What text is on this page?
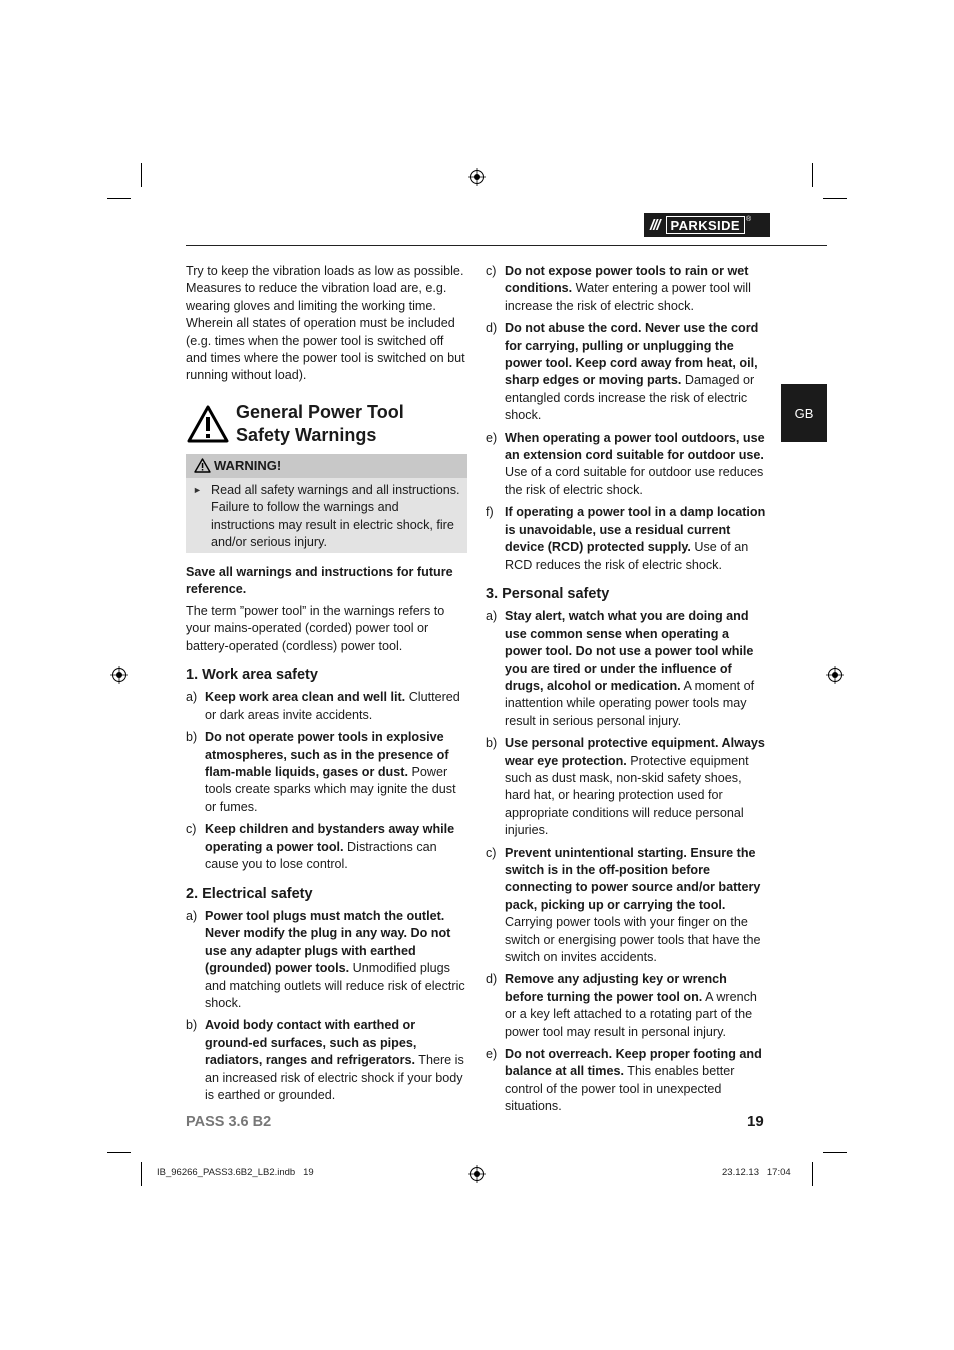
/// PARKSIDE ®
GB

Try to keep the vibration loads as low as possible. Measures to reduce the vibration load are, e.g. wearing gloves and limiting the working time. Wherein all states of operation must be included (e.g. times when the power tool is switched off and times where the power tool is switched on but running without load).

General Power Tool Safety Warnings
WARNING!
► Read all safety warnings and all instructions. Failure to follow the warnings and instructions may result in electric shock, fire and/or serious injury.

Save all warnings and instructions for future reference.

The term ”power tool” in the warnings refers to your mains-operated (corded) power tool or battery-operated (cordless) power tool.

1. Work area safety

a) Keep work area clean and well lit. Cluttered or dark areas invite accidents.
b) Do not operate power tools in explosive atmospheres, such as in the presence of flam-mable liquids, gases or dust. Power tools create sparks which may ignite the dust or fumes.
c) Keep children and bystanders away while operating a power tool. Distractions can cause you to lose control.

2. Electrical safety

a) Power tool plugs must match the outlet. Never modify the plug in any way. Do not use any adapter plugs with earthed (grounded) power tools. Unmodified plugs and matching outlets will reduce risk of electric shock.
b) Avoid body contact with earthed or ground-ed surfaces, such as pipes, radiators, ranges and refrigerators. There is an increased risk of electric shock if your body is earthed or grounded.
c) Do not expose power tools to rain or wet conditions. Water entering a power tool will increase the risk of electric shock.
d) Do not abuse the cord. Never use the cord for carrying, pulling or unplugging the power tool. Keep cord away from heat, oil, sharp edges or moving parts. Damaged or entangled cords increase the risk of electric shock.
e) When operating a power tool outdoors, use an extension cord suitable for outdoor use. Use of a cord suitable for outdoor use reduces the risk of electric shock.
f) If operating a power tool in a damp location is unavoidable, use a residual current device (RCD) protected supply. Use of an RCD reduces the risk of electric shock.

3. Personal safety

a) Stay alert, watch what you are doing and use common sense when operating a power tool. Do not use a power tool while you are tired or under the influence of drugs, alcohol or medication. A moment of inattention while operating power tools may result in serious personal injury.
b) Use personal protective equipment. Always wear eye protection. Protective equipment such as dust mask, non-skid safety shoes, hard hat, or hearing protection used for appropriate conditions will reduce personal injuries.
c) Prevent unintentional starting. Ensure the switch is in the off-position before connecting to power source and/or battery pack, picking up or carrying the tool. Carrying power tools with your finger on the switch or energising power tools that have the switch on invites accidents.
d) Remove any adjusting key or wrench before turning the power tool on. A wrench or a key left attached to a rotating part of the power tool may result in personal injury.
e) Do not overreach. Keep proper footing and balance at all times. This enables better control of the power tool in unexpected situations.
PASS 3.6 B2	19
IB_96266_PASS3.6B2_LB2.indb   19	23.12.13   17:04
